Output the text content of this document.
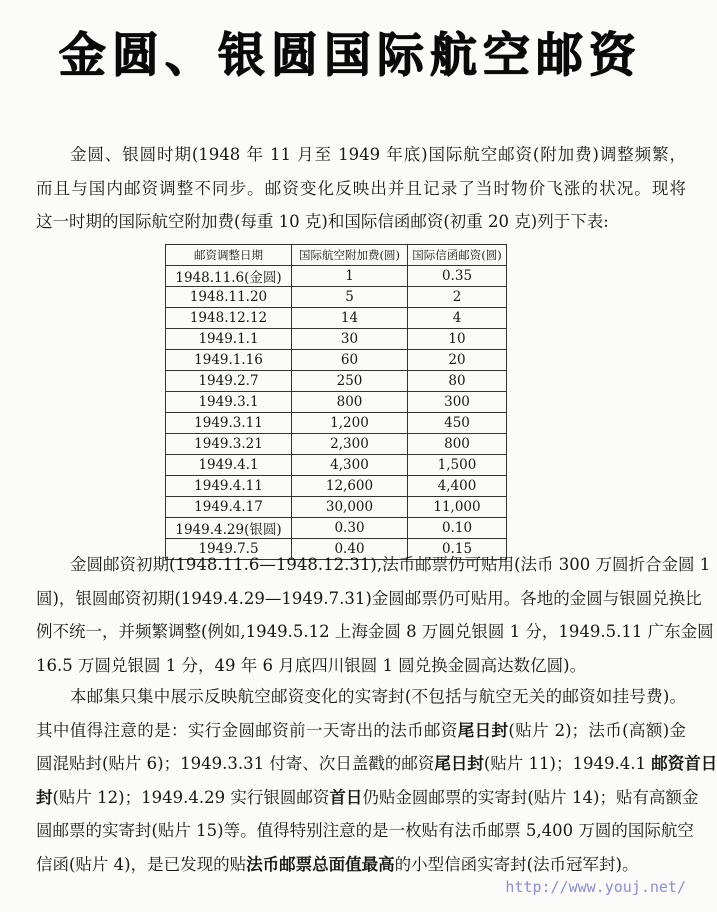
金圆、银圆国际航空邮资
金圆、银圆时期(1948 年 11 月至 1949 年底)国际航空邮资(附加费)调整频繁，
而且与国内邮资调整不同步。邮资变化反映出并且记录了当时物价飞涨的状况。现将
这一时期的国际航空附加费(每重 10 克)和国际信函邮资(初重 20 克)列于下表:
邮资调整日期	国际航空附加费(圆)	国际信函邮资(圆)
1948.11.6(金圆)	1	0.35
1948.11.20	5	2
1948.12.12	14	4
1949.1.1	30	10
1949.1.16	60	20
1949.2.7	250	80
1949.3.1	800	300
1949.3.11	1,200	450
1949.3.21	2,300	800
1949.4.1	4,300	1,500
1949.4.11	12,600	4,400
1949.4.17	30,000	11,000
1949.4.29(银圆)	0.30	0.10
1949.7.5	0.40	0.15
金圆邮资初期(1948.11.6—1948.12.31),法币邮票仍可贴用(法币 300 万圆折合金圆 1
圆)，银圆邮资初期(1949.4.29—1949.7.31)金圆邮票仍可贴用。各地的金圆与银圆兑换比
例不统一，并频繁调整(例如,1949.5.12 上海金圆 8 万圆兑银圆 1 分，1949.5.11 广东金圆
16.5 万圆兑银圆 1 分，49 年 6 月底四川银圆 1 圆兑换金圆高达数亿圆)。
本邮集只集中展示反映航空邮资变化的实寄封(不包括与航空无关的邮资如挂号费)。
其中值得注意的是：实行金圆邮资前一天寄出的法币邮资尾日封(贴片 2)；法币(高额)金
圆混贴封(贴片 6)；1949.3.31 付寄、次日盖戳的邮资尾日封(贴片 11)；1949.4.1 邮资首日
封(贴片 12)；1949.4.29 实行银圆邮资首日仍贴金圆邮票的实寄封(贴片 14)；贴有高额金
圆邮票的实寄封(贴片 15)等。值得特别注意的是一枚贴有法币邮票 5,400 万圆的国际航空
信函(贴片 4)，是已发现的贴法币邮票总面值最高的小型信函实寄封(法币冠军封)。
http://www.youj.net/
